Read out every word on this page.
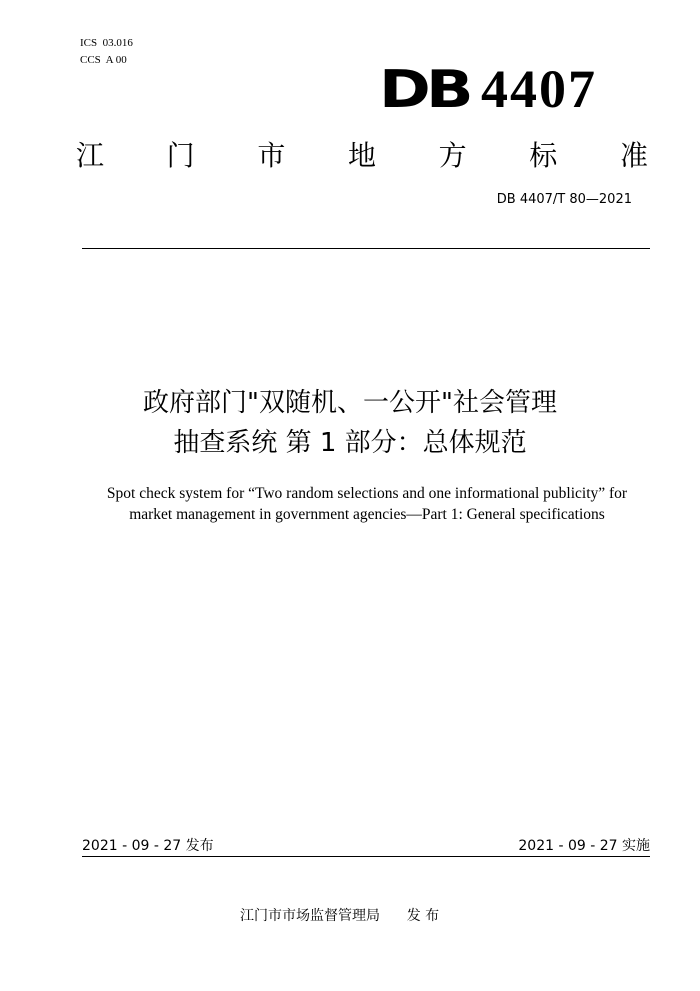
ICS  03.016
CCS  A 00	DB 4407
江 门 市 地 方 标 准
DB 4407/T 80—2021
政府部门"双随机、一公开"社会管理
抽查系统 第 1 部分：总体规范
Spot check system for “Two random selections and one informational publicity” for
market management in government agencies—Part 1: General specifications
2021 - 09 - 27 发布	2021 - 09 - 27 实施
江门市市场监督管理局 发 布
